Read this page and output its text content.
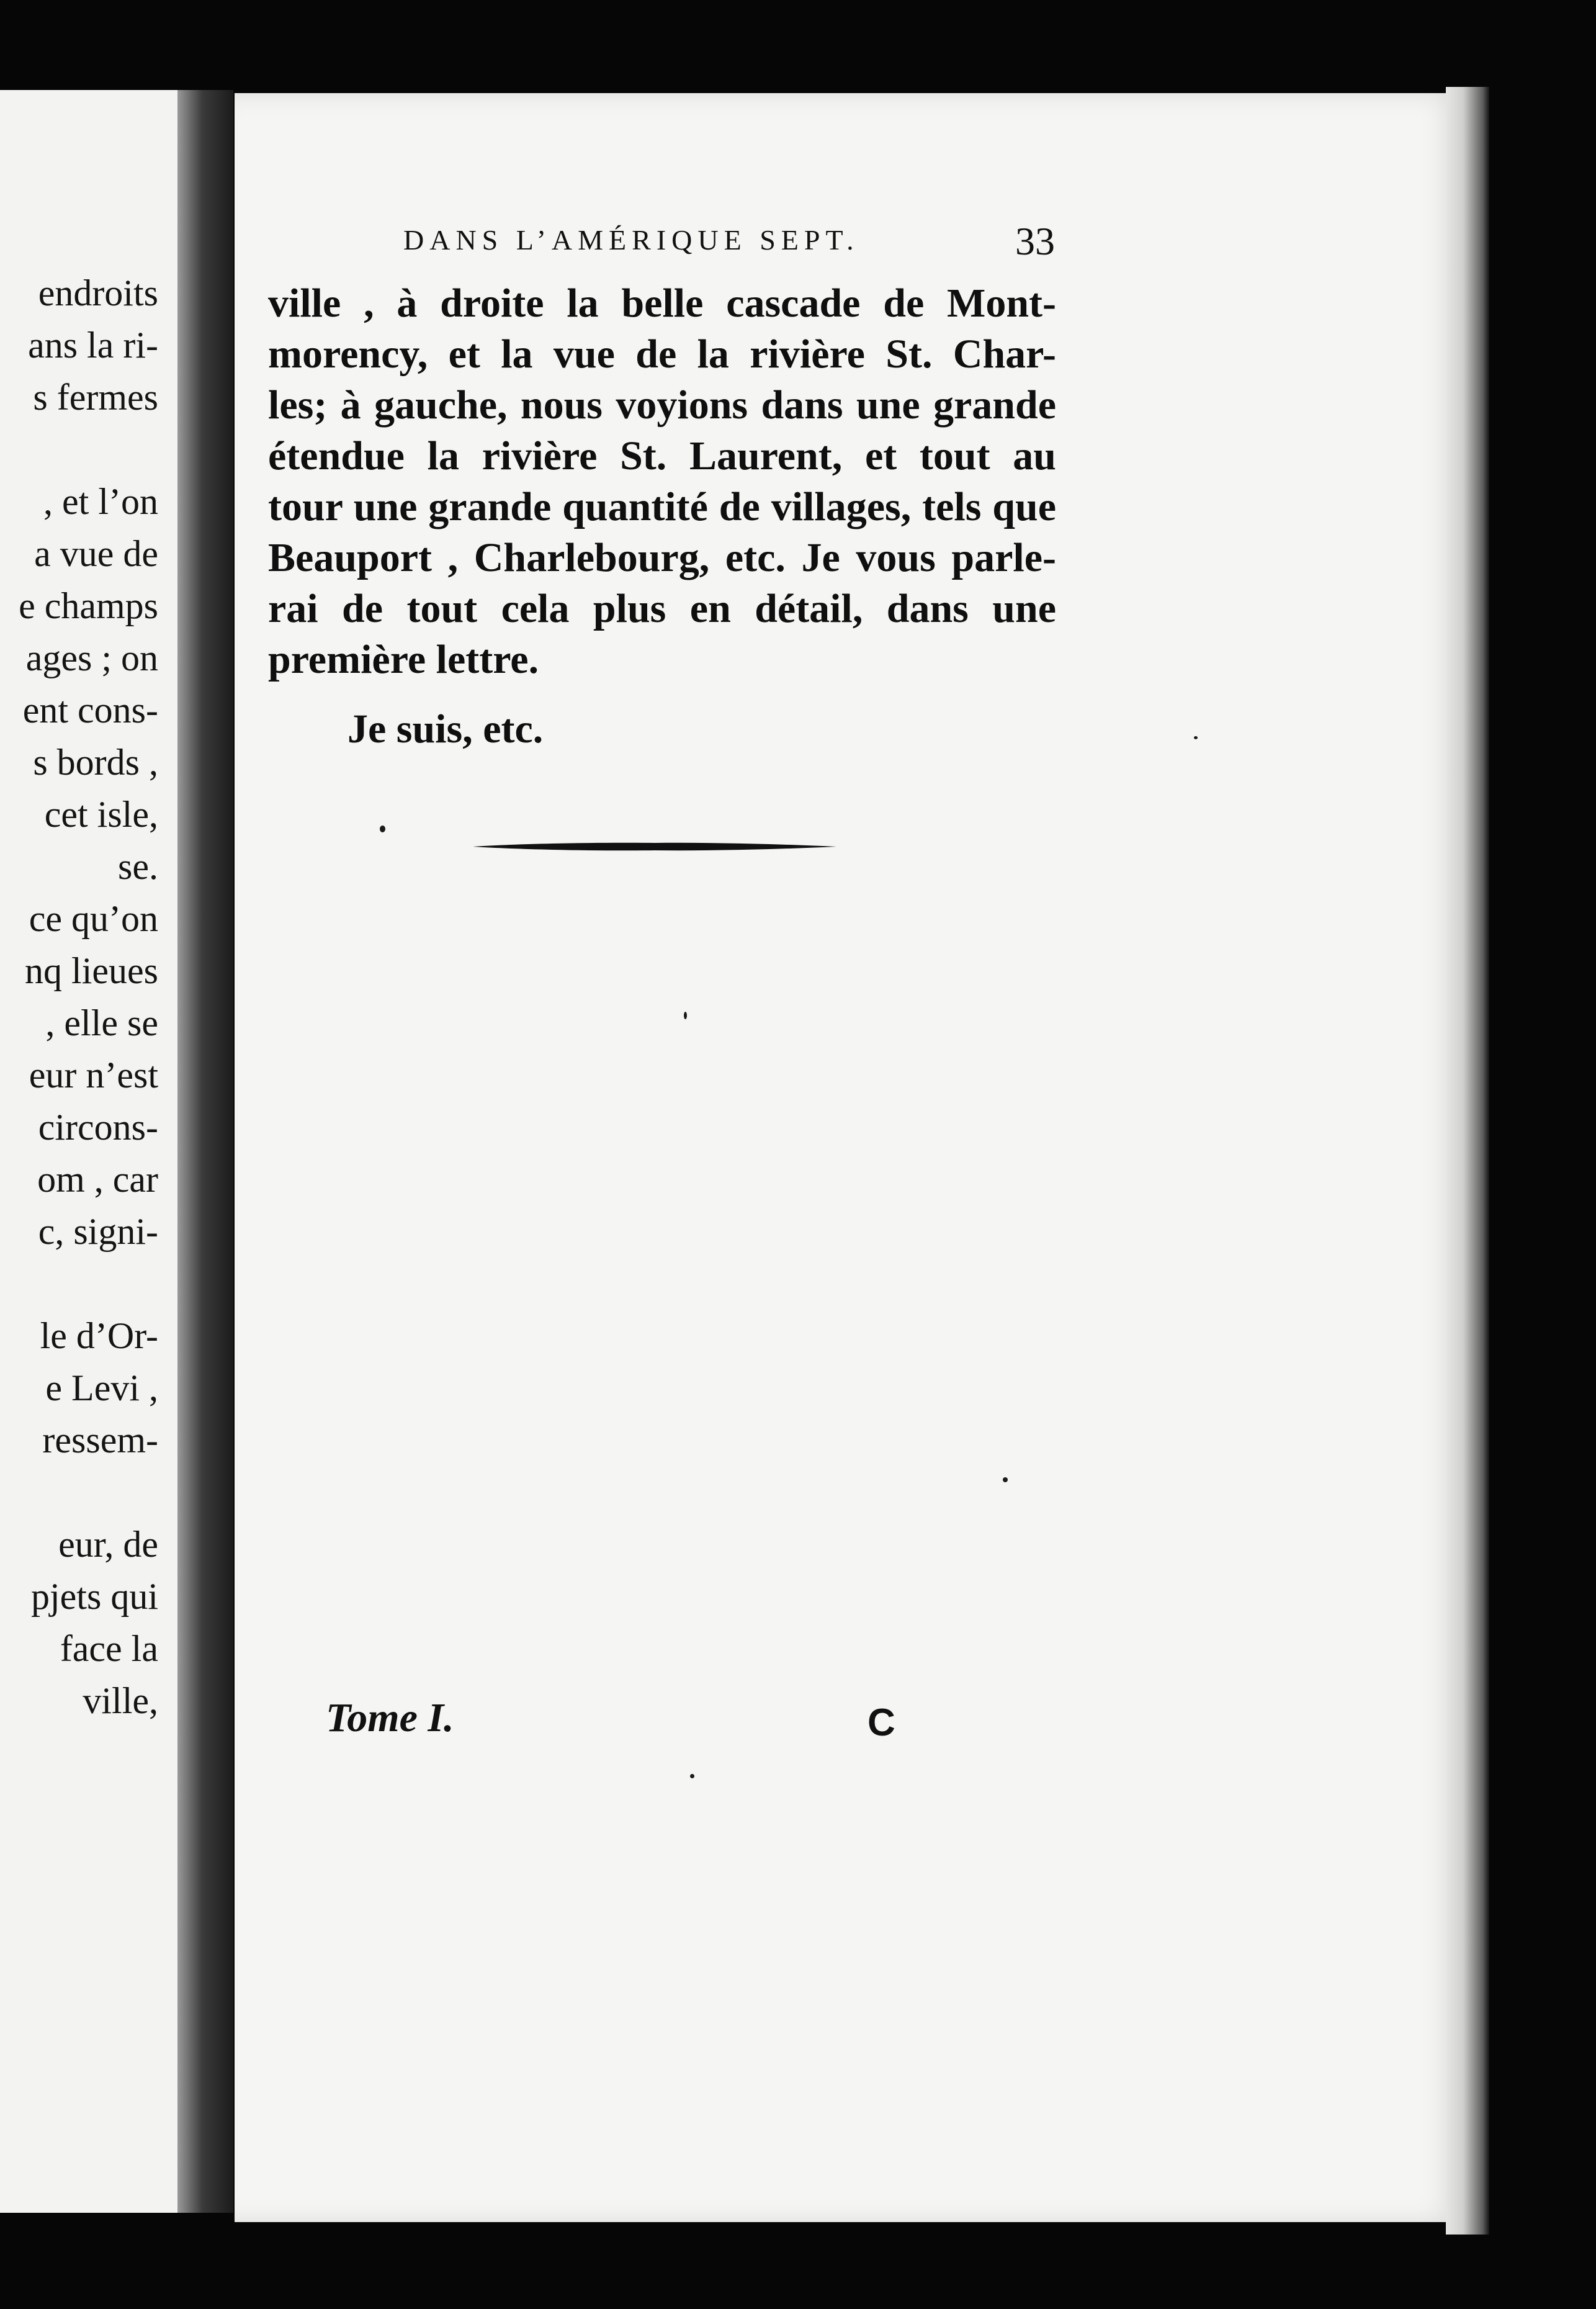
endroits
ans la ri-
s fermes
, et l’on
a vue de
e champs
ages ; on
ent cons-
s bords ,
cet isle,
se.
ce qu’on
nq lieues
, elle se
eur n’est
circons-
om , car
c, signi-
le d’Or-
e Levi ,
ressem-
eur, de
pjets qui
face la
ville,
DANS L’AMÉRIQUE SEPT.	33
ville , à droite la belle cascade de Mont-
morency, et la vue de la rivière St. Char-
les; à gauche, nous voyions dans une grande
étendue la rivière St. Laurent, et tout au
tour une grande quantité de villages, tels que
Beauport , Charlebourg, etc. Je vous parle-
rai de tout cela plus en détail, dans une
première lettre.
Je suis, etc.
Tome I.	C
